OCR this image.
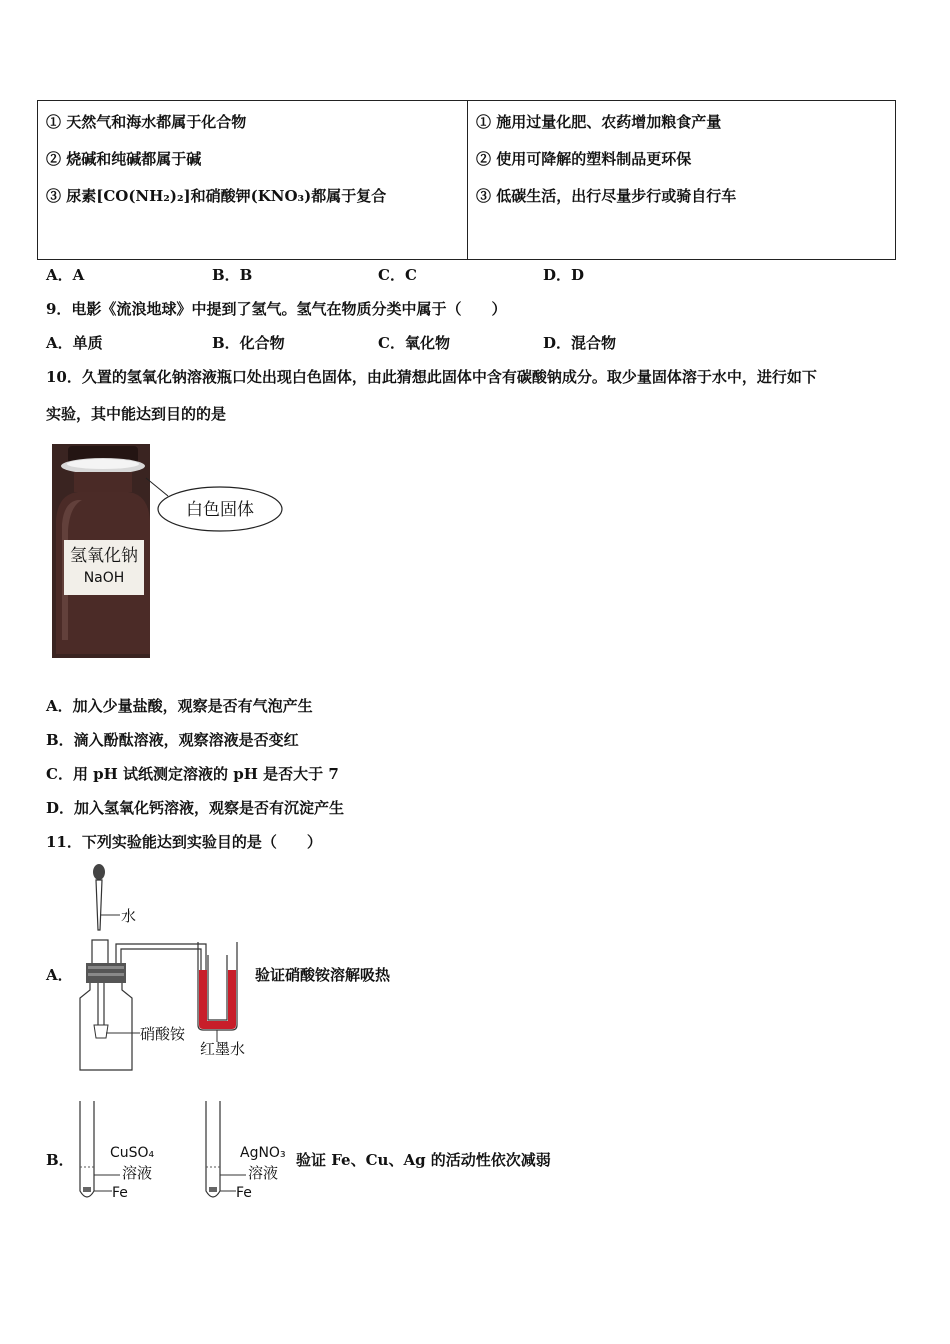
① 天然气和海水都属于化合物
② 烧碱和纯碱都属于碱
③ 尿素[CO(NH₂)₂]和硝酸钾(KNO₃)都属于复合
① 施用过量化肥、农药增加粮食产量
② 使用可降解的塑料制品更环保
③ 低碳生活，出行尽量步行或骑自行车
A．A	B．B	C．C	D．D
9．电影《流浪地球》中提到了氢气。氢气在物质分类中属于（　　）
A．单质	B．化合物	C．氧化物	D．混合物
10．久置的氢氧化钠溶液瓶口处出现白色固体，由此猜想此固体中含有碳酸钠成分。取少量固体溶于水中，进行如下
实验，其中能达到目的的是
氢氧化钠
NaOH
白色固体
A．加入少量盐酸，观察是否有气泡产生
B．滴入酚酞溶液，观察溶液是否变红
C．用 pH 试纸测定溶液的 pH 是否大于 7
D．加入氢氧化钙溶液，观察是否有沉淀产生
11．下列实验能达到实验目的是（　　）
A．
水
硝酸铵
红墨水
验证硝酸铵溶解吸热
B．	CuSO₄
溶液
Fe
AgNO₃
溶液
Fe
验证 Fe、Cu、Ag 的活动性依次减弱
